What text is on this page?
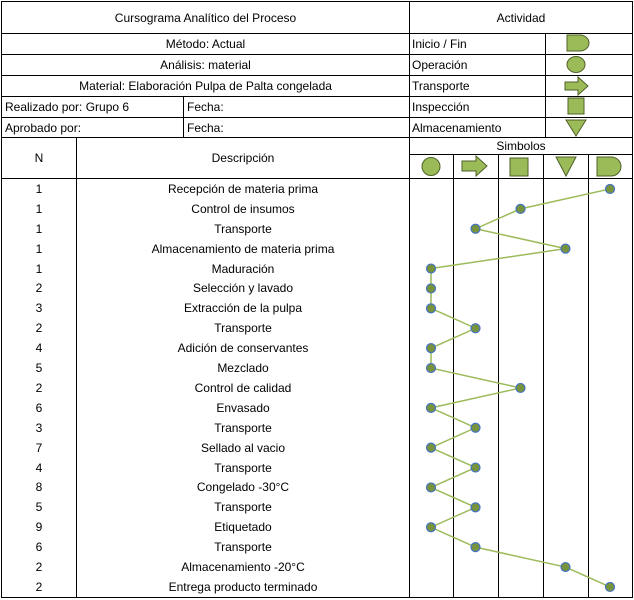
Cursograma Analítico del Proceso	Actividad
Método: Actual
Análisis: material
Material: Elaboración Pulpa de Palta congelada
Realizado por: Grupo 6	Fecha:
Aprobado por:	Fecha:
Inicio / Fin
Operación
Transporte
Inspección
Almacenamiento
N	Descripción
Simbolos
1	Recepción de materia prima
1	Control de insumos
1	Transporte
1	Almacenamiento de materia prima
1	Maduración
2	Selección y lavado
3	Extracción de la pulpa
2	Transporte
4	Adición de conservantes
5	Mezclado
2	Control de calidad
6	Envasado
3	Transporte
7	Sellado al vacio
4	Transporte
8	Congelado -30°C
5	Transporte
9	Etiquetado
6	Transporte
2	Almacenamiento -20°C
2	Entrega producto terminado
